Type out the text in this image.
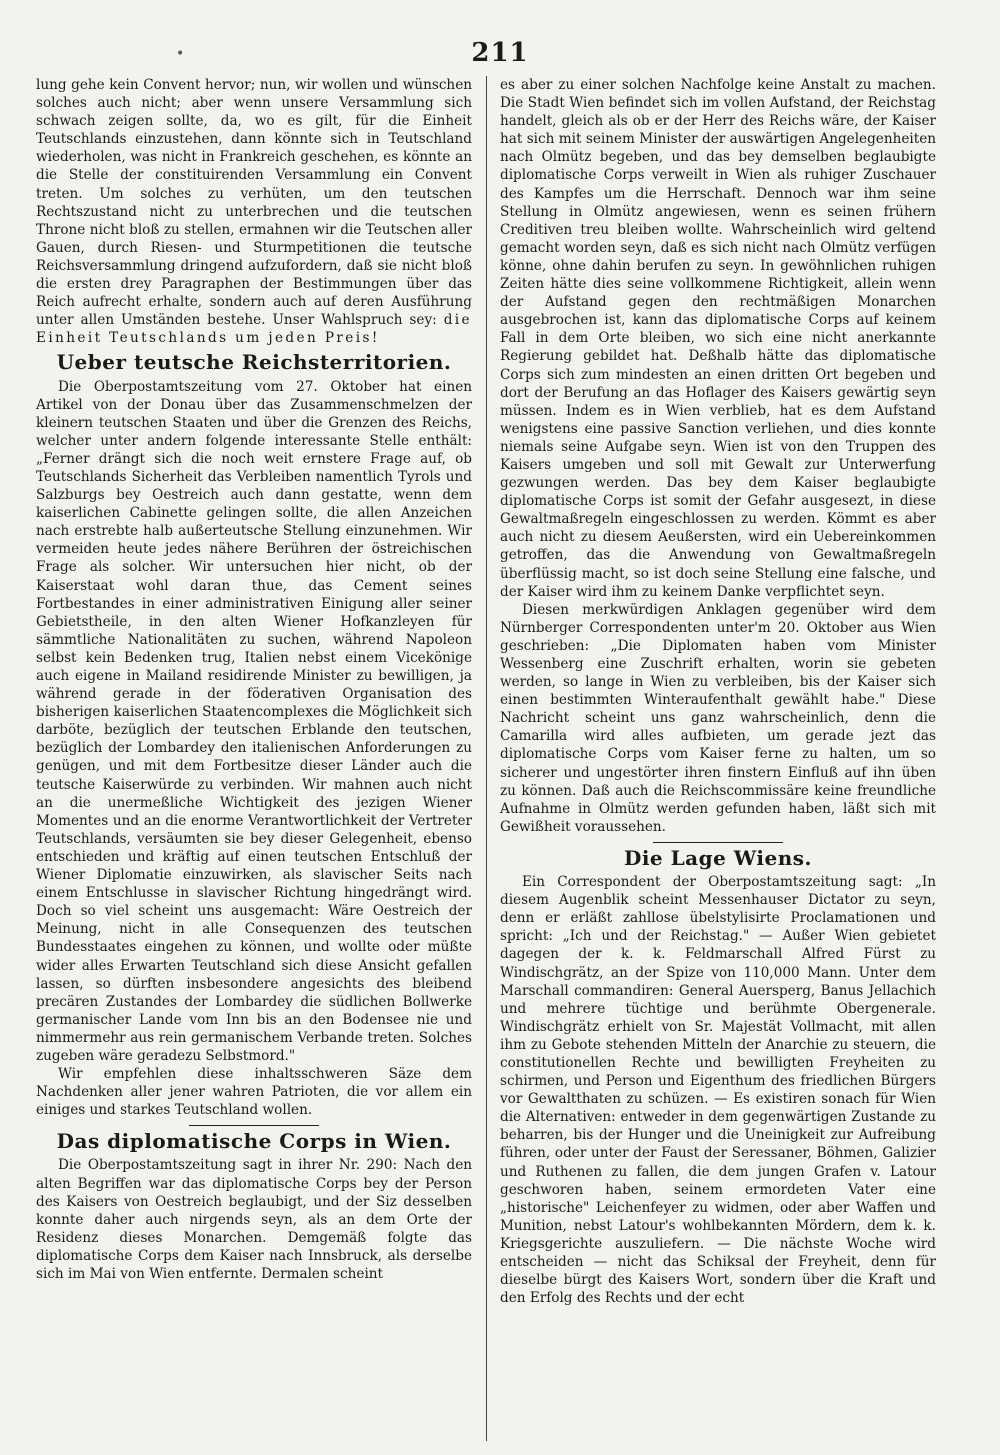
•	211

lung gehe kein Convent hervor; nun, wir wollen und wünschen solches auch nicht; aber wenn unsere Versammlung sich schwach zeigen sollte, da, wo es gilt, für die Einheit Teutschlands einzustehen, dann könnte sich in Teutschland wiederholen, was nicht in Frankreich geschehen, es könnte an die Stelle der constituirenden Versammlung ein Convent treten. Um solches zu verhüten, um den teutschen Rechtszustand nicht zu unterbrechen und die teutschen Throne nicht bloß zu stellen, ermahnen wir die Teutschen aller Gauen, durch Riesen- und Sturmpetitionen die teutsche Reichsversammlung dringend aufzufordern, daß sie nicht bloß die ersten drey Paragraphen der Bestimmungen über das Reich aufrecht erhalte, sondern auch auf deren Ausführung unter allen Umständen bestehe. Unser Wahlspruch sey: die Einheit Teutschlands um jeden Preis!

Ueber teutsche Reichsterritorien.

Die Oberpostamtszeitung vom 27. Oktober hat einen Artikel von der Donau über das Zusammenschmelzen der kleinern teutschen Staaten und über die Grenzen des Reichs, welcher unter andern folgende interessante Stelle enthält: „Ferner drängt sich die noch weit ernstere Frage auf, ob Teutschlands Sicherheit das Verbleiben namentlich Tyrols und Salzburgs bey Oestreich auch dann gestatte, wenn dem kaiserlichen Cabinette gelingen sollte, die allen Anzeichen nach erstrebte halb außerteutsche Stellung einzunehmen. Wir vermeiden heute jedes nähere Berühren der östreichischen Frage als solcher. Wir untersuchen hier nicht, ob der Kaiserstaat wohl daran thue, das Cement seines Fortbestandes in einer administrativen Einigung aller seiner Gebietstheile, in den alten Wiener Hofkanzleyen für sämmtliche Nationalitäten zu suchen, während Napoleon selbst kein Bedenken trug, Italien nebst einem Vicekönige auch eigene in Mailand residirende Minister zu bewilligen, ja während gerade in der föderativen Organisation des bisherigen kaiserlichen Staatencomplexes die Möglichkeit sich darböte, bezüglich der teutschen Erblande den teutschen, bezüglich der Lombardey den italienischen Anforderungen zu genügen, und mit dem Fortbesitze dieser Länder auch die teutsche Kaiserwürde zu verbinden. Wir mahnen auch nicht an die unermeßliche Wichtigkeit des jezigen Wiener Momentes und an die enorme Verantwortlichkeit der Vertreter Teutschlands, versäumten sie bey dieser Gelegenheit, ebenso entschieden und kräftig auf einen teutschen Entschluß der Wiener Diplomatie einzuwirken, als slavischer Seits nach einem Entschlusse in slavischer Richtung hingedrängt wird. Doch so viel scheint uns ausgemacht: Wäre Oestreich der Meinung, nicht in alle Consequenzen des teutschen Bundesstaates eingehen zu können, und wollte oder müßte wider alles Erwarten Teutschland sich diese Ansicht gefallen lassen, so dürften insbesondere angesichts des bleibend precären Zustandes der Lombardey die südlichen Bollwerke germanischer Lande vom Inn bis an den Bodensee nie und nimmermehr aus rein germanischem Verbande treten. Solches zugeben wäre geradezu Selbstmord."

Wir empfehlen diese inhaltsschweren Säze dem Nachdenken aller jener wahren Patrioten, die vor allem ein einiges und starkes Teutschland wollen.

Das diplomatische Corps in Wien.

Die Oberpostamtszeitung sagt in ihrer Nr. 290: Nach den alten Begriffen war das diplomatische Corps bey der Person des Kaisers von Oestreich beglaubigt, und der Siz desselben konnte daher auch nirgends seyn, als an dem Orte der Residenz dieses Monarchen. Demgemäß folgte das diplomatische Corps dem Kaiser nach Innsbruck, als derselbe sich im Mai von Wien entfernte. Dermalen scheint

es aber zu einer solchen Nachfolge keine Anstalt zu machen. Die Stadt Wien befindet sich im vollen Aufstand, der Reichstag handelt, gleich als ob er der Herr des Reichs wäre, der Kaiser hat sich mit seinem Minister der auswärtigen Angelegenheiten nach Olmütz begeben, und das bey demselben beglaubigte diplomatische Corps verweilt in Wien als ruhiger Zuschauer des Kampfes um die Herrschaft. Dennoch war ihm seine Stellung in Olmütz angewiesen, wenn es seinen frühern Creditiven treu bleiben wollte. Wahrscheinlich wird geltend gemacht worden seyn, daß es sich nicht nach Olmütz verfügen könne, ohne dahin berufen zu seyn. In gewöhnlichen ruhigen Zeiten hätte dies seine vollkommene Richtigkeit, allein wenn der Aufstand gegen den rechtmäßigen Monarchen ausgebrochen ist, kann das diplomatische Corps auf keinem Fall in dem Orte bleiben, wo sich eine nicht anerkannte Regierung gebildet hat. Deßhalb hätte das diplomatische Corps sich zum mindesten an einen dritten Ort begeben und dort der Berufung an das Hoflager des Kaisers gewärtig seyn müssen. Indem es in Wien verblieb, hat es dem Aufstand wenigstens eine passive Sanction verliehen, und dies konnte niemals seine Aufgabe seyn. Wien ist von den Truppen des Kaisers umgeben und soll mit Gewalt zur Unterwerfung gezwungen werden. Das bey dem Kaiser beglaubigte diplomatische Corps ist somit der Gefahr ausgesezt, in diese Gewaltmaßregeln eingeschlossen zu werden. Kömmt es aber auch nicht zu diesem Aeußersten, wird ein Uebereinkommen getroffen, das die Anwendung von Gewaltmaßregeln überflüssig macht, so ist doch seine Stellung eine falsche, und der Kaiser wird ihm zu keinem Danke verpflichtet seyn.

Diesen merkwürdigen Anklagen gegenüber wird dem Nürnberger Correspondenten unter'm 20. Oktober aus Wien geschrieben: „Die Diplomaten haben vom Minister Wessenberg eine Zuschrift erhalten, worin sie gebeten werden, so lange in Wien zu verbleiben, bis der Kaiser sich einen bestimmten Winteraufenthalt gewählt habe." Diese Nachricht scheint uns ganz wahrscheinlich, denn die Camarilla wird alles aufbieten, um gerade jezt das diplomatische Corps vom Kaiser ferne zu halten, um so sicherer und ungestörter ihren finstern Einfluß auf ihn üben zu können. Daß auch die Reichscommissäre keine freundliche Aufnahme in Olmütz werden gefunden haben, läßt sich mit Gewißheit voraussehen.

Die Lage Wiens.

Ein Correspondent der Oberpostamtszeitung sagt: „In diesem Augenblik scheint Messenhauser Dictator zu seyn, denn er erläßt zahllose übelstylisirte Proclamationen und spricht: „Ich und der Reichstag." — Außer Wien gebietet dagegen der k. k. Feldmarschall Alfred Fürst zu Windischgrätz, an der Spize von 110,000 Mann. Unter dem Marschall commandiren: General Auersperg, Banus Jellachich und mehrere tüchtige und berühmte Obergenerale. Windischgrätz erhielt von Sr. Majestät Vollmacht, mit allen ihm zu Gebote stehenden Mitteln der Anarchie zu steuern, die constitutionellen Rechte und bewilligten Freyheiten zu schirmen, und Person und Eigenthum des friedlichen Bürgers vor Gewaltthaten zu schüzen. — Es existiren sonach für Wien die Alternativen: entweder in dem gegenwärtigen Zustande zu beharren, bis der Hunger und die Uneinigkeit zur Aufreibung führen, oder unter der Faust der Seressaner, Böhmen, Galizier und Ruthenen zu fallen, die dem jungen Grafen v. Latour geschworen haben, seinem ermordeten Vater eine „historische" Leichenfeyer zu widmen, oder aber Waffen und Munition, nebst Latour's wohlbekannten Mördern, dem k. k. Kriegsgerichte auszuliefern. — Die nächste Woche wird entscheiden — nicht das Schiksal der Freyheit, denn für dieselbe bürgt des Kaisers Wort, sondern über die Kraft und den Erfolg des Rechts und der echt
